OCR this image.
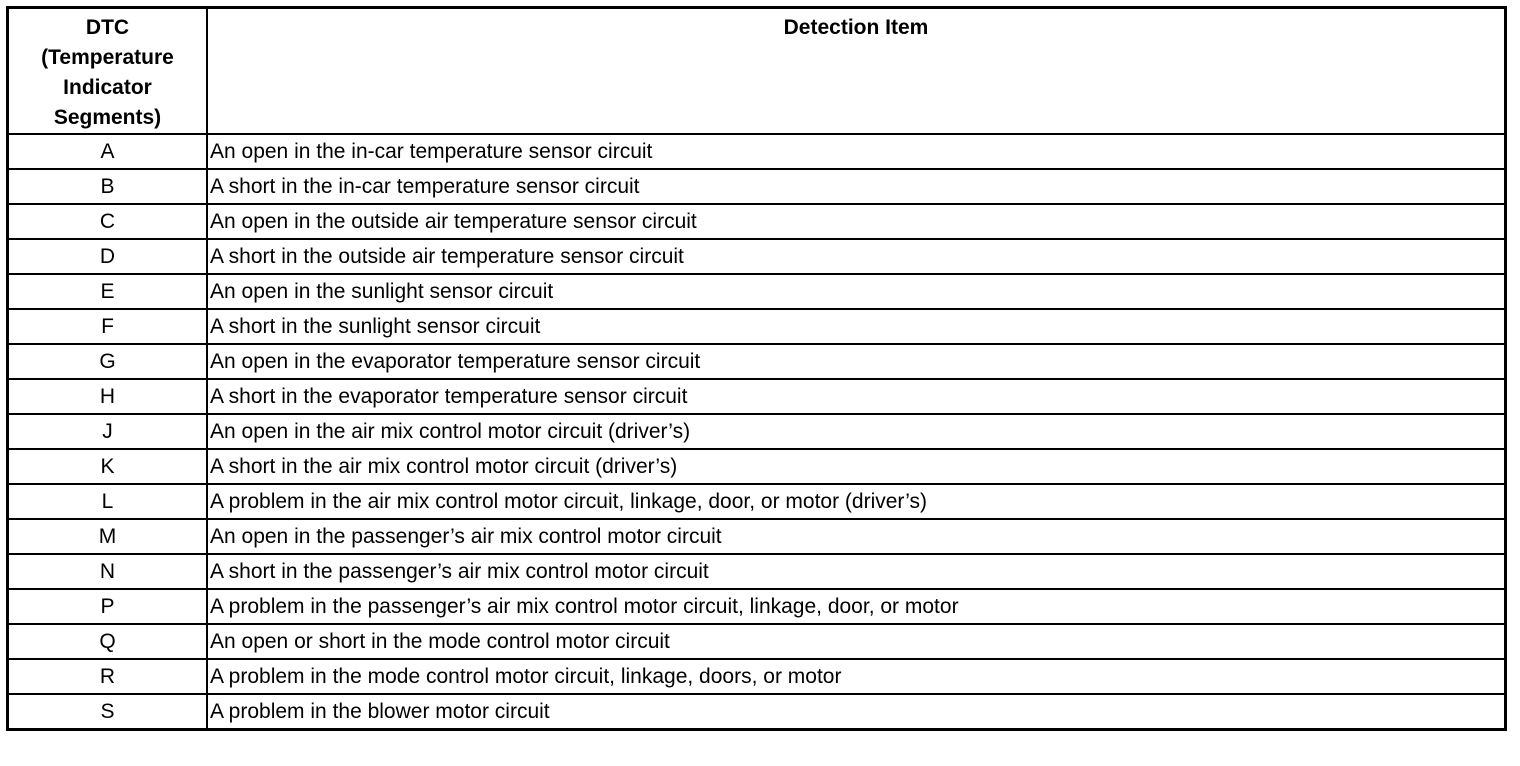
DTC
(Temperature
Indicator
Segments)	Detection Item
A	An open in the in-car temperature sensor circuit
B	A short in the in-car temperature sensor circuit
C	An open in the outside air temperature sensor circuit
D	A short in the outside air temperature sensor circuit
E	An open in the sunlight sensor circuit
F	A short in the sunlight sensor circuit
G	An open in the evaporator temperature sensor circuit
H	A short in the evaporator temperature sensor circuit
J	An open in the air mix control motor circuit (driver’s)
K	A short in the air mix control motor circuit (driver’s)
L	A problem in the air mix control motor circuit, linkage, door, or motor (driver’s)
M	An open in the passenger’s air mix control motor circuit
N	A short in the passenger’s air mix control motor circuit
P	A problem in the passenger’s air mix control motor circuit, linkage, door, or motor
Q	An open or short in the mode control motor circuit
R	A problem in the mode control motor circuit, linkage, doors, or motor
S	A problem in the blower motor circuit
